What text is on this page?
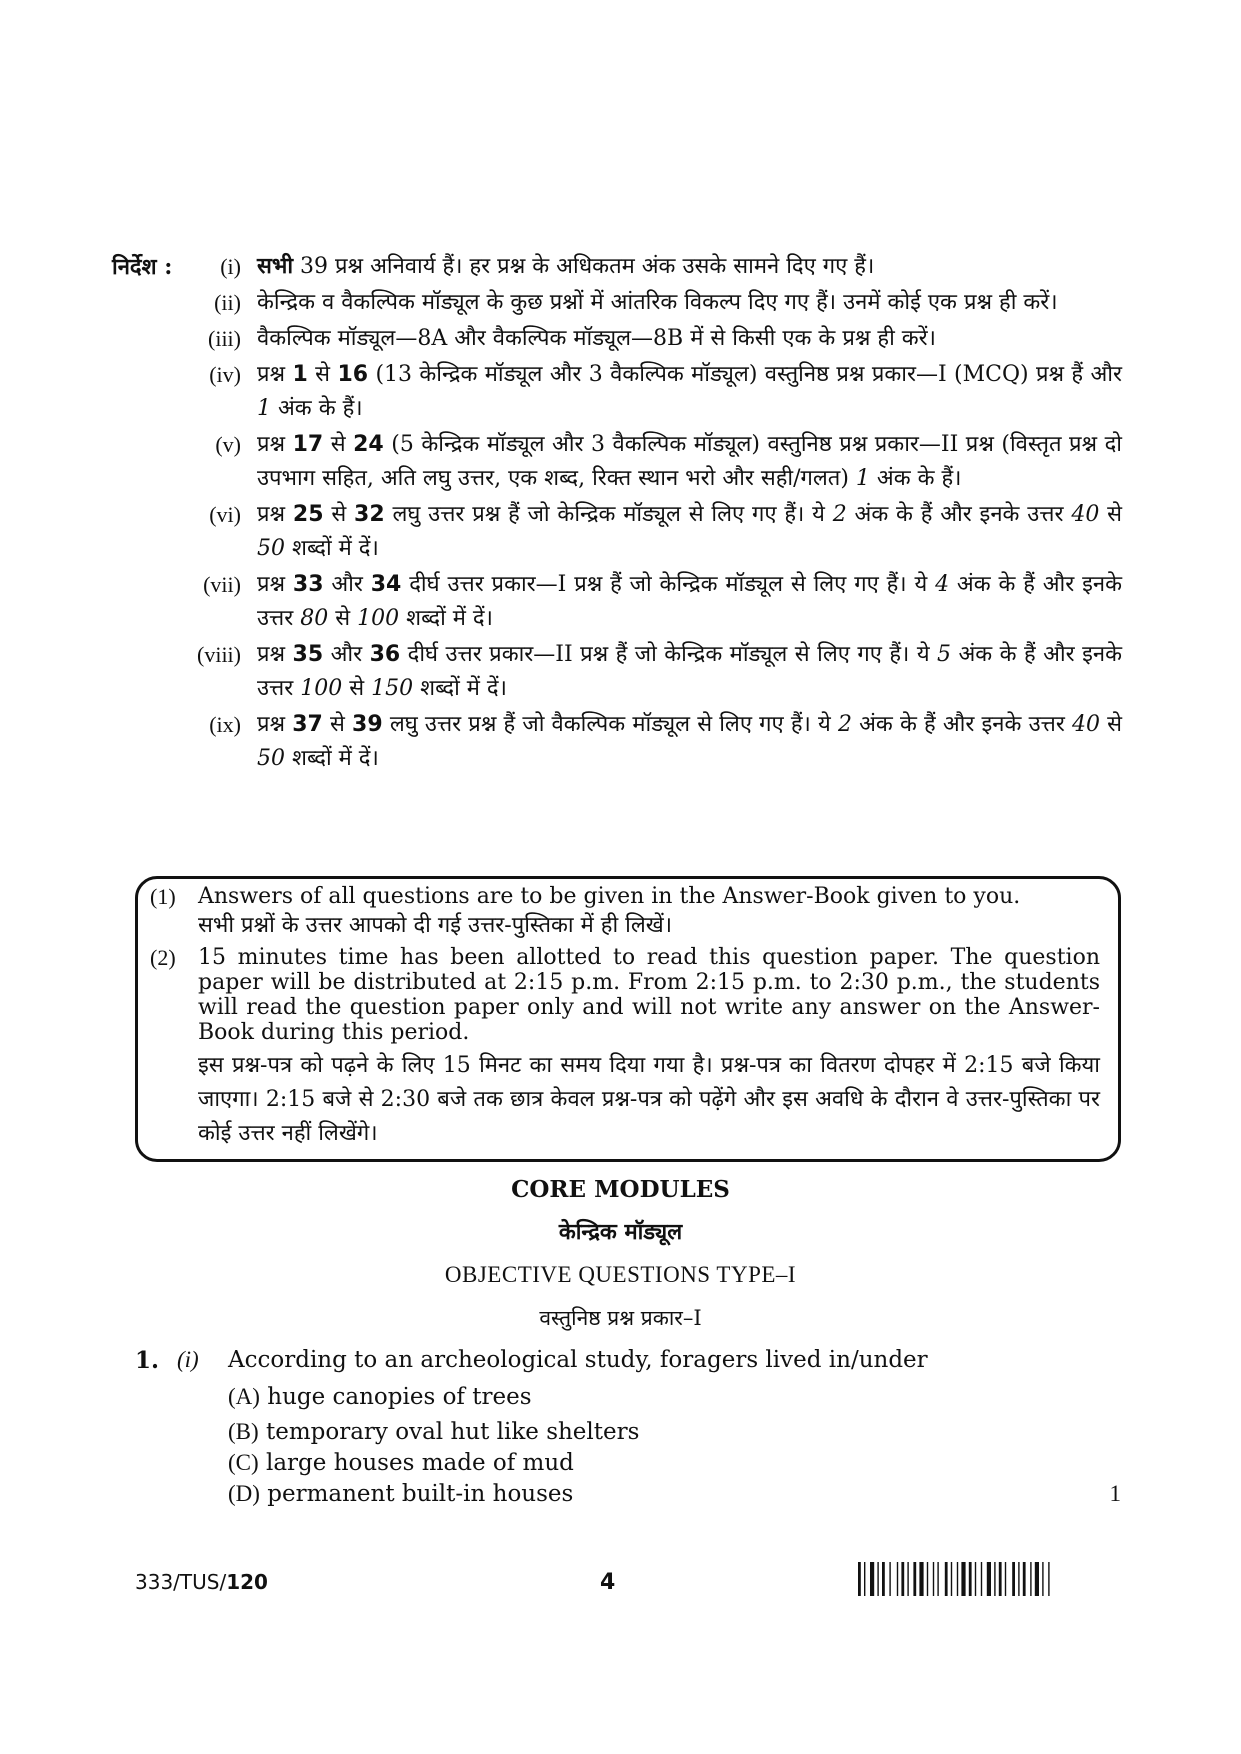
निर्देश :	(i) सभी 39 प्रश्न अनिवार्य हैं। हर प्रश्न के अधिकतम अंक उसके सामने दिए गए हैं।
(ii) केन्द्रिक व वैकल्पिक मॉड्यूल के कुछ प्रश्नों में आंतरिक विकल्प दिए गए हैं। उनमें कोई एक प्रश्न ही करें।
(iii) वैकल्पिक मॉड्यूल—8A और वैकल्पिक मॉड्यूल—8B में से किसी एक के प्रश्न ही करें।
(iv) प्रश्न 1 से 16 (13 केन्द्रिक मॉड्यूल और 3 वैकल्पिक मॉड्यूल) वस्तुनिष्ठ प्रश्न प्रकार—I (MCQ) प्रश्न हैं और 1 अंक के हैं।
(v) प्रश्न 17 से 24 (5 केन्द्रिक मॉड्यूल और 3 वैकल्पिक मॉड्यूल) वस्तुनिष्ठ प्रश्न प्रकार—II प्रश्न (विस्तृत प्रश्न दो उपभाग सहित, अति लघु उत्तर, एक शब्द, रिक्त स्थान भरो और सही/गलत) 1 अंक के हैं।
(vi) प्रश्न 25 से 32 लघु उत्तर प्रश्न हैं जो केन्द्रिक मॉड्यूल से लिए गए हैं। ये 2 अंक के हैं और इनके उत्तर 40 से 50 शब्दों में दें।
(vii) प्रश्न 33 और 34 दीर्घ उत्तर प्रकार—I प्रश्न हैं जो केन्द्रिक मॉड्यूल से लिए गए हैं। ये 4 अंक के हैं और इनके उत्तर 80 से 100 शब्दों में दें।
(viii) प्रश्न 35 और 36 दीर्घ उत्तर प्रकार—II प्रश्न हैं जो केन्द्रिक मॉड्यूल से लिए गए हैं। ये 5 अंक के हैं और इनके उत्तर 100 से 150 शब्दों में दें।
(ix) प्रश्न 37 से 39 लघु उत्तर प्रश्न हैं जो वैकल्पिक मॉड्यूल से लिए गए हैं। ये 2 अंक के हैं और इनके उत्तर 40 से 50 शब्दों में दें।
(1)	Answers of all questions are to be given in the Answer-Book given to you.
सभी प्रश्नों के उत्तर आपको दी गई उत्तर-पुस्तिका में ही लिखें।
(2)	15 minutes time has been allotted to read this question paper. The question paper will be distributed at 2:15 p.m. From 2:15 p.m. to 2:30 p.m., the students will read the question paper only and will not write any answer on the Answer-Book during this period.
इस प्रश्न-पत्र को पढ़ने के लिए 15 मिनट का समय दिया गया है। प्रश्न-पत्र का वितरण दोपहर में 2:15 बजे किया जाएगा। 2:15 बजे से 2:30 बजे तक छात्र केवल प्रश्न-पत्र को पढ़ेंगे और इस अवधि के दौरान वे उत्तर-पुस्तिका पर कोई उत्तर नहीं लिखेंगे।
CORE MODULES
केन्द्रिक मॉड्यूल
OBJECTIVE QUESTIONS TYPE–I
वस्तुनिष्ठ प्रश्न प्रकार–I
1. (i) According to an archeological study, foragers lived in/under
(A) huge canopies of trees
(B) temporary oval hut like shelters
(C) large houses made of mud
(D) permanent built-in houses	1
333/TUS/120	4
